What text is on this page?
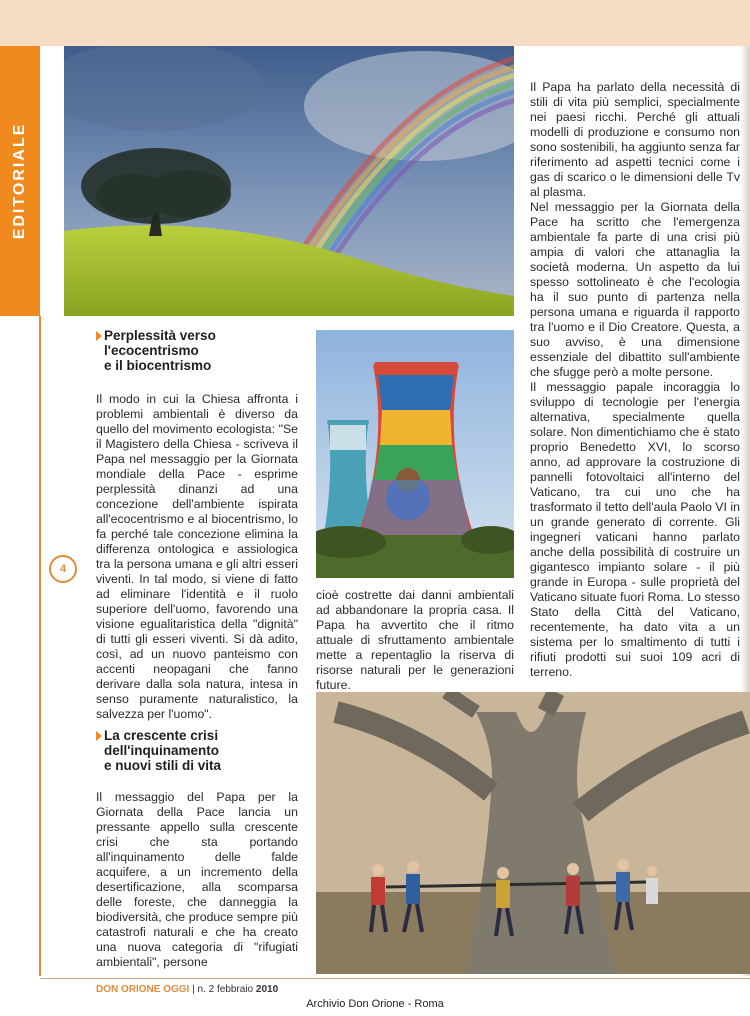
EDITORIALE
4
Perplessità verso
l'ecocentrismo
e il biocentrismo

Il modo in cui la Chiesa affronta i problemi ambientali è diverso da quello del movimento ecologista: "Se il Magistero della Chiesa - scriveva il Papa nel messaggio per la Giornata mondiale della Pace - esprime perplessità dinanzi ad una concezione dell'ambiente ispirata all'ecocentrismo e al biocentrismo, lo fa perché tale concezione elimina la differenza ontologica e assiologica tra la persona umana e gli altri esseri viventi. In tal modo, si viene di fatto ad eliminare l'identità e il ruolo superiore dell'uomo, favorendo una visione egualitaristica della "dignità" di tutti gli esseri viventi. Si dà adito, così, ad un nuovo panteismo con accenti neopagani che fanno derivare dalla sola natura, intesa in senso puramente naturalistico, la salvezza per l'uomo".

La crescente crisi
dell'inquinamento
e nuovi stili di vita

Il messaggio del Papa per la Giornata della Pace lancia un pressante appello sulla crescente crisi che sta portando all'inquinamento delle falde acquifere, a un incremento della desertificazione, alla scomparsa delle foreste, che danneggia la biodiversità, che produce sempre più catastrofi naturali e che ha creato una nuova categoria di "rifugiati ambientali", persone

cioè costrette dai danni ambientali ad abbandonare la propria casa. Il Papa ha avvertito che il ritmo attuale di sfruttamento ambientale mette a repentaglio la riserva di risorse naturali per le generazioni future.

Il Papa ha parlato della necessità di stili di vita più semplici, specialmente nei paesi ricchi. Perché gli attuali modelli di produzione e consumo non sono sostenibili, ha aggiunto senza far riferimento ad aspetti tecnici come i gas di scarico o le dimensioni delle Tv al plasma.

Nel messaggio per la Giornata della Pace ha scritto che l'emergenza ambientale fa parte di una crisi più ampia di valori che attanaglia la società moderna. Un aspetto da lui spesso sottolineato è che l'ecologia ha il suo punto di partenza nella persona umana e riguarda il rapporto tra l'uomo e il Dio Creatore. Questa, a suo avviso, è una dimensione essenziale del dibattito sull'ambiente che sfugge però a molte persone.

Il messaggio papale incoraggia lo sviluppo di tecnologie per l'energia alternativa, specialmente quella solare. Non dimentichiamo che è stato proprio Benedetto XVI, lo scorso anno, ad approvare la costruzione di pannelli fotovoltaici all'interno del Vaticano, tra cui uno che ha trasformato il tetto dell'aula Paolo VI in un grande generato di corrente. Gli ingegneri vaticani hanno parlato anche della possibilità di costruire un gigantesco impianto solare - il più grande in Europa - sulle proprietà del Vaticano situate fuori Roma. Lo stesso Stato della Città del Vaticano, recentemente, ha dato vita a un sistema per lo smaltimento di tutti i rifiuti prodotti sui suoi 109 acri di terreno.

DON ORIONE OGGI | n. 2 febbraio 2010
Archivio Don Orione - Roma
